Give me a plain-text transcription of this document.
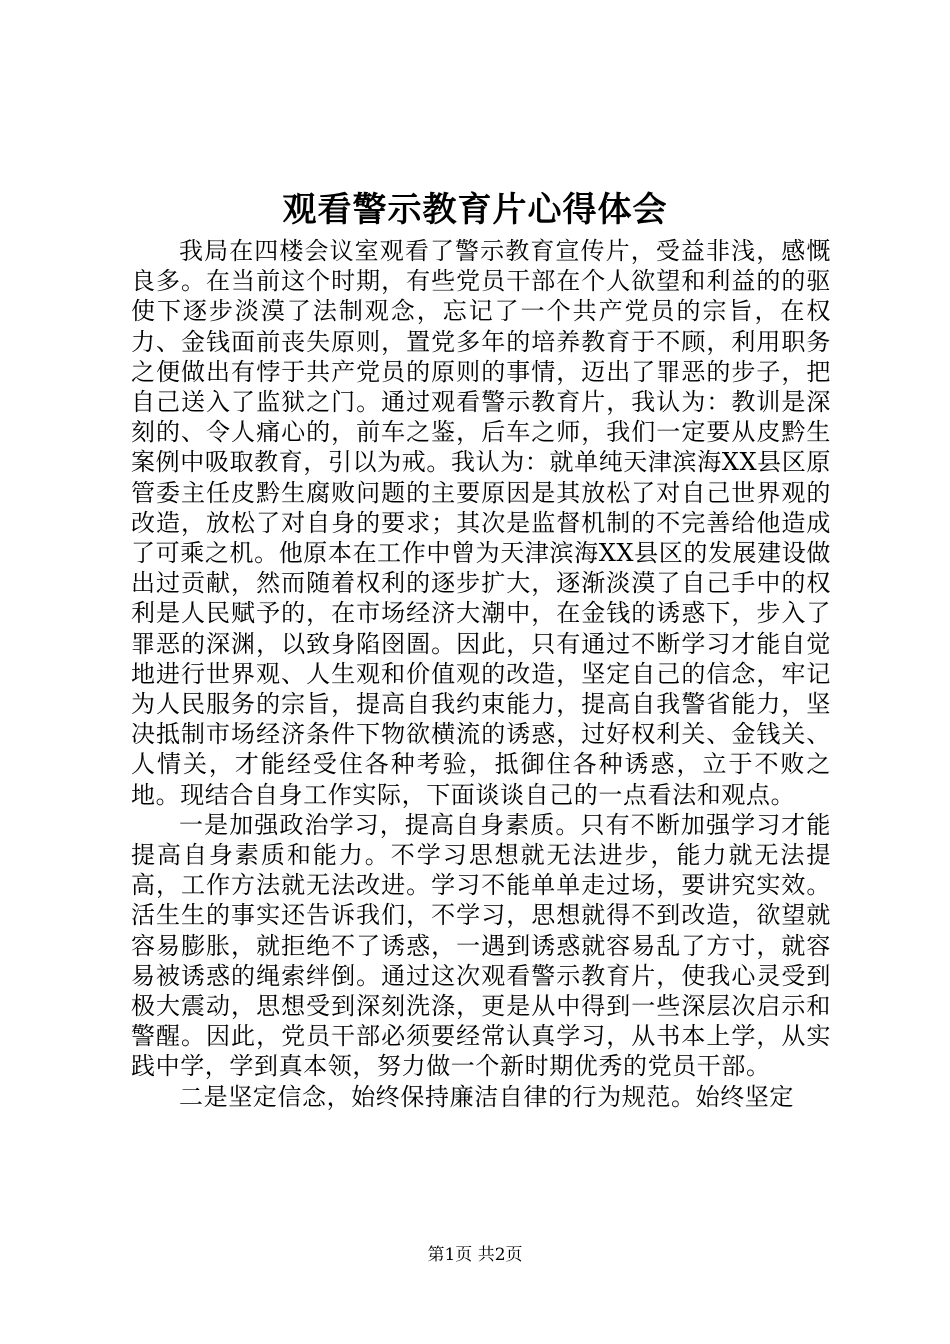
观看警示教育片心得体会

我局在四楼会议室观看了警示教育宣传片，受益非浅，感慨良多。在当前这个时期，有些党员干部在个人欲望和利益的的驱使下逐步淡漠了法制观念，忘记了一个共产党员的宗旨，在权力、金钱面前丧失原则，置党多年的培养教育于不顾，利用职务之便做出有悖于共产党员的原则的事情，迈出了罪恶的步子，把自己送入了监狱之门。通过观看警示教育片，我认为：教训是深刻的、令人痛心的，前车之鉴，后车之师，我们一定要从皮黔生案例中吸取教育，引以为戒。我认为：就单纯天津滨海XX县区原管委主任皮黔生腐败问题的主要原因是其放松了对自己世界观的改造，放松了对自身的要求；其次是监督机制的不完善给他造成了可乘之机。他原本在工作中曾为天津滨海XX县区的发展建设做出过贡献，然而随着权利的逐步扩大，逐渐淡漠了自己手中的权利是人民赋予的，在市场经济大潮中，在金钱的诱惑下，步入了罪恶的深渊，以致身陷囹圄。因此，只有通过不断学习才能自觉地进行世界观、人生观和价值观的改造，坚定自己的信念，牢记为人民服务的宗旨，提高自我约束能力，提高自我警省能力，坚决抵制市场经济条件下物欲横流的诱惑，过好权利关、金钱关、人情关，才能经受住各种考验，抵御住各种诱惑，立于不败之地。现结合自身工作实际，下面谈谈自己的一点看法和观点。

一是加强政治学习，提高自身素质。只有不断加强学习才能提高自身素质和能力。不学习思想就无法进步，能力就无法提高，工作方法就无法改进。学习不能单单走过场，要讲究实效。活生生的事实还告诉我们，不学习，思想就得不到改造，欲望就容易膨胀，就拒绝不了诱惑，一遇到诱惑就容易乱了方寸，就容易被诱惑的绳索绊倒。通过这次观看警示教育片，使我心灵受到极大震动，思想受到深刻洗涤，更是从中得到一些深层次启示和警醒。因此，党员干部必须要经常认真学习，从书本上学，从实践中学，学到真本领，努力做一个新时期优秀的党员干部。

二是坚定信念，始终保持廉洁自律的行为规范。始终坚定

第1页 共2页
